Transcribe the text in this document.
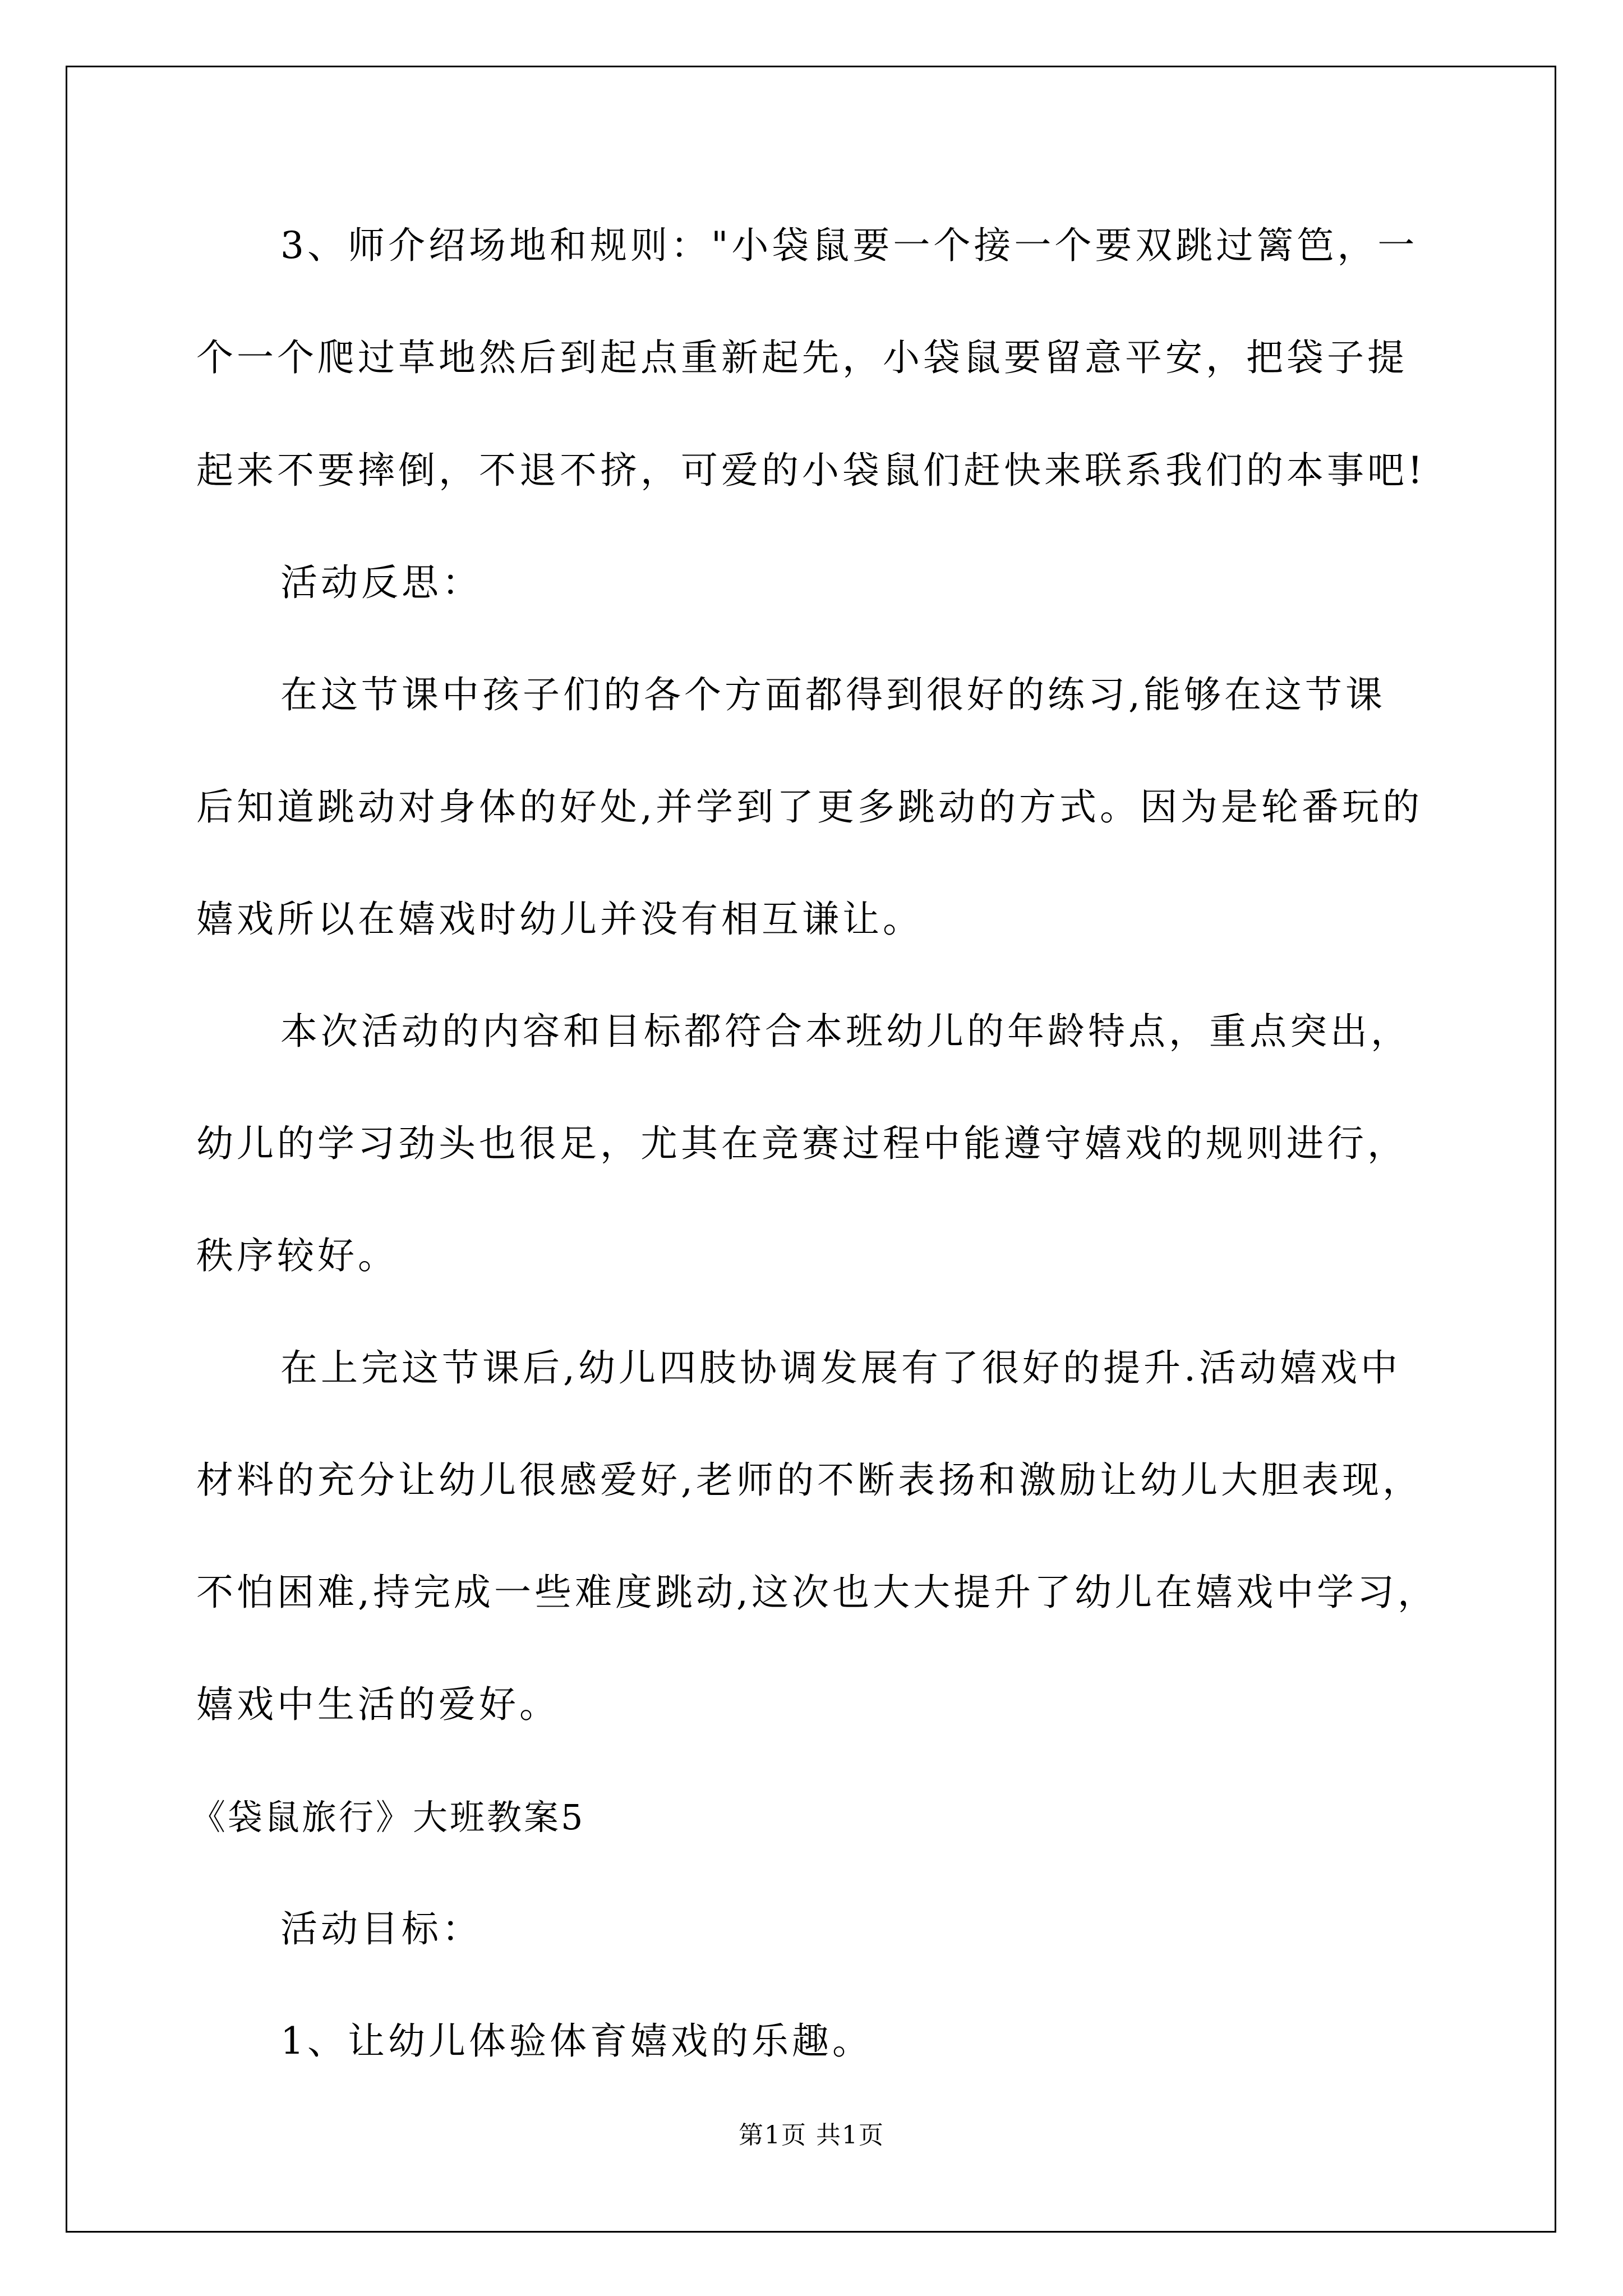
3、师介绍场地和规则："小袋鼠要一个接一个要双跳过篱笆，一
个一个爬过草地然后到起点重新起先，小袋鼠要留意平安，把袋子提
起来不要摔倒，不退不挤，可爱的小袋鼠们赶快来联系我们的本事吧!
活动反思：
在这节课中孩子们的各个方面都得到很好的练习,能够在这节课
后知道跳动对身体的好处,并学到了更多跳动的方式。因为是轮番玩的
嬉戏所以在嬉戏时幼儿并没有相互谦让。
本次活动的内容和目标都符合本班幼儿的年龄特点，重点突出，
幼儿的学习劲头也很足，尤其在竞赛过程中能遵守嬉戏的规则进行，
秩序较好。
在上完这节课后,幼儿四肢协调发展有了很好的提升.活动嬉戏中
材料的充分让幼儿很感爱好,老师的不断表扬和激励让幼儿大胆表现，
不怕困难,持完成一些难度跳动,这次也大大提升了幼儿在嬉戏中学习，
嬉戏中生活的爱好。
《袋鼠旅行》大班教案5
活动目标：
1、让幼儿体验体育嬉戏的乐趣。
第1页 共1页
